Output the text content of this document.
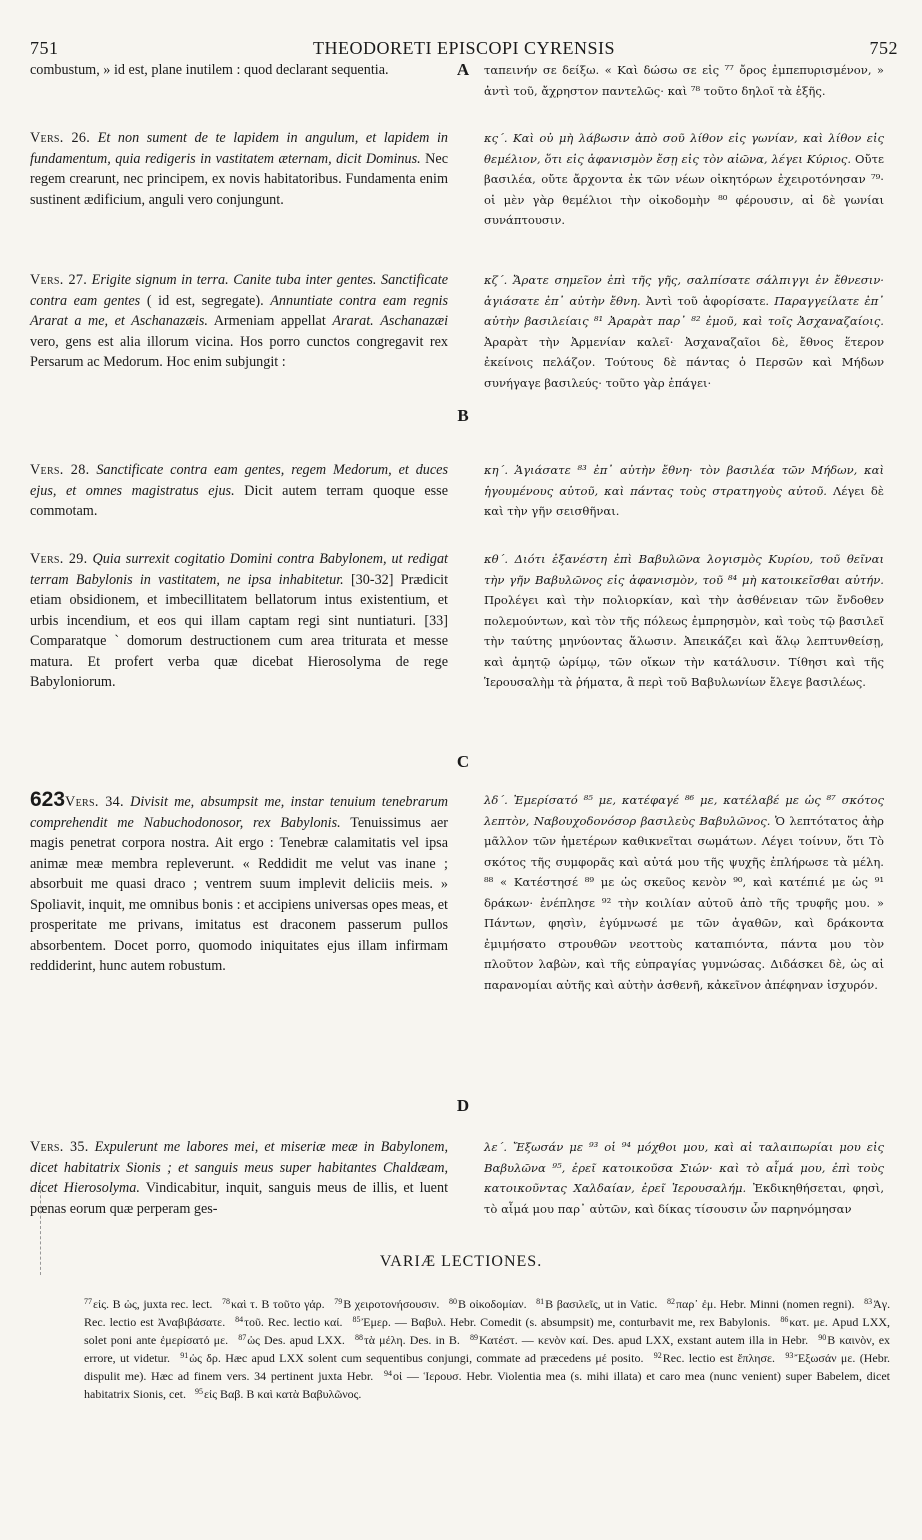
751	THEODORETI EPISCOPI CYRENSIS	752
A
B
C
D

combustum, » id est, plane inutilem : quod declarant sequentia.

Vers. 26. Et non sument de te lapidem in angulum, et lapidem in fundamentum, quia redigeris in vastitatem æternam, dicit Dominus. Nec regem crearunt, nec principem, ex novis habitatoribus. Fundamenta enim sustinent ædificium, anguli vero conjungunt.

Vers. 27. Erigite signum in terra. Canite tuba inter gentes. Sanctificate contra eam gentes ( id est, segregate). Annuntiate contra eam regnis Ararat a me, et Aschanazæis. Armeniam appellat Ararat. Aschanazæi vero, gens est alia illorum vicina. Hos porro cunctos congregavit rex Persarum ac Medorum. Hoc enim subjungit :

Vers. 28. Sanctificate contra eam gentes, regem Medorum, et duces ejus, et omnes magistratus ejus. Dicit autem terram quoque esse commotam.

Vers. 29. Quia surrexit cogitatio Domini contra Babylonem, ut redigat terram Babylonis in vastitatem, ne ipsa inhabitetur. [30-32] Prædicit etiam obsidionem, et imbecillitatem bellatorum intus existentium, et urbis incendium, et eos qui illam captam regi sint nuntiaturi. [33] Comparatque ` domorum destructionem cum area triturata et messe matura. Et profert verba quæ dicebat Hierosolyma de rege Babyloniorum.

623Vers. 34. Divisit me, absumpsit me, instar tenuium tenebrarum comprehendit me Nabuchodonosor, rex Babylonis. Tenuissimus aer magis penetrat corpora nostra. Ait ergo : Tenebræ calamitatis vel ipsa animæ meæ membra repleverunt. « Reddidit me velut vas inane ; absorbuit me quasi draco ; ventrem suum implevit deliciis meis. » Spoliavit, inquit, me omnibus bonis : et accipiens universas opes meas, et prosperitate me privans, imitatus est draconem passerum pullos absorbentem. Docet porro, quomodo iniquitates ejus illam infirmam reddiderint, hunc autem robustum.

Vers. 35. Expulerunt me labores mei, et miseriæ meæ in Babylonem, dicet habitatrix Sionis ; et sanguis meus super habitantes Chaldæam, dicet Hierosolyma. Vindicabitur, inquit, sanguis meus de illis, et luent pœnas eorum quæ perperam ges-

ταπεινήν σε δείξω. « Καὶ δώσω σε εἰς ⁷⁷ ὄρος ἐμπεπυρισμένον, » ἀντὶ τοῦ, ἄχρηστον παντελῶς· καὶ ⁷⁸ τοῦτο δηλοῖ τὰ ἑξῆς.

κς΄. Καὶ οὐ μὴ λάβωσιν ἀπὸ σοῦ λίθον εἰς γωνίαν, καὶ λίθον εἰς θεμέλιον, ὅτι εἰς ἀφανισμὸν ἔσῃ εἰς τὸν αἰῶνα, λέγει Κύριος. Οὔτε βασιλέα, οὔτε ἄρχοντα ἐκ τῶν νέων οἰκητόρων ἐχειροτόνησαν ⁷⁹· οἱ μὲν γὰρ θεμέλιοι τὴν οἰκοδομὴν ⁸⁰ φέρουσιν, αἱ δὲ γωνίαι συνάπτουσιν.

κζ΄. Ἄρατε σημεῖον ἐπὶ τῆς γῆς, σαλπίσατε σάλπιγγι ἐν ἔθνεσιν· ἁγιάσατε ἐπ᾽ αὐτὴν ἔθνη. Ἀντὶ τοῦ ἀφορίσατε. Παραγγείλατε ἐπ᾽ αὐτὴν βασιλείαις ⁸¹ Ἀραρὰτ παρ᾽ ⁸² ἐμοῦ, καὶ τοῖς Ἀσχαναζαίοις. Ἀραρὰτ τὴν Ἀρμενίαν καλεῖ· Ἀσχαναζαῖοι δὲ, ἔθνος ἕτερον ἐκείνοις πελάζον. Τούτους δὲ πάντας ὁ Περσῶν καὶ Μήδων συνήγαγε βασιλεύς· τοῦτο γὰρ ἐπάγει·

κη΄. Ἁγιάσατε ⁸³ ἐπ᾽ αὐτὴν ἔθνη· τὸν βασιλέα τῶν Μήδων, καὶ ἡγουμένους αὐτοῦ, καὶ πάντας τοὺς στρατηγοὺς αὐτοῦ. Λέγει δὲ καὶ τὴν γῆν σεισθῆναι.

κθ΄. Διότι ἐξανέστη ἐπὶ Βαβυλῶνα λογισμὸς Κυρίου, τοῦ θεῖναι τὴν γῆν Βαβυλῶνος εἰς ἀφανισμὸν, τοῦ ⁸⁴ μὴ κατοικεῖσθαι αὐτήν. Προλέγει καὶ τὴν πολιορκίαν, καὶ τὴν ἀσθένειαν τῶν ἔνδοθεν πολεμούντων, καὶ τὸν τῆς πόλεως ἐμπρησμὸν, καὶ τοὺς τῷ βασιλεῖ τὴν ταύτης μηνύοντας ἅλωσιν. Ἀπεικάζει καὶ ἅλῳ λεπτυνθείσῃ, καὶ ἀμητῷ ὡρίμῳ, τῶν οἴκων τὴν κατάλυσιν. Τίθησι καὶ τῆς Ἱερουσαλὴμ τὰ ῥήματα, ἃ περὶ τοῦ Βαβυλωνίων ἔλεγε βασιλέως.

λδ΄. Ἐμερίσατό ⁸⁵ με, κατέφαγέ ⁸⁶ με, κατέλαβέ με ὡς ⁸⁷ σκότος λεπτὸν, Ναβουχοδονόσορ βασιλεὺς Βαβυλῶνος. Ὁ λεπτότατος ἀὴρ μᾶλλον τῶν ἡμετέρων καθικνεῖται σωμάτων. Λέγει τοίνυν, ὅτι Τὸ σκότος τῆς συμφορᾶς καὶ αὐτά μου τῆς ψυχῆς ἐπλήρωσε τὰ μέλη. ⁸⁸ « Κατέστησέ ⁸⁹ με ὡς σκεῦος κενὸν ⁹⁰, καὶ κατέπιέ με ὡς ⁹¹ δράκων· ἐνέπλησε ⁹² τὴν κοιλίαν αὐτοῦ ἀπὸ τῆς τρυφῆς μου. » Πάντων, φησὶν, ἐγύμνωσέ με τῶν ἀγαθῶν, καὶ δράκοντα ἐμιμήσατο στρουθῶν νεοττοὺς καταπιόντα, πάντα μου τὸν πλοῦτον λαβὼν, καὶ τῆς εὐπραγίας γυμνώσας. Διδάσκει δὲ, ὡς αἱ παρανομίαι αὐτῆς καὶ αὐτὴν ἀσθενῆ, κἀκεῖνον ἀπέφηναν ἰσχυρόν.

λε΄. Ἔξωσάν με ⁹³ οἱ ⁹⁴ μόχθοι μου, καὶ αἱ ταλαιπωρίαι μου εἰς Βαβυλῶνα ⁹⁵, ἐρεῖ κατοικοῦσα Σιών· καὶ τὸ αἷμά μου, ἐπὶ τοὺς κατοικοῦντας Χαλδαίαν, ἐρεῖ Ἱερουσαλήμ. Ἐκδικηθήσεται, φησὶ, τὸ αἷμά μου παρ᾽ αὐτῶν, καὶ δίκας τίσουσιν ὧν παρηνόμησαν

VARIÆ LECTIONES.
$^{77}$εἰς. B ὡς, juxta rec. lect. $^{78}$καὶ τ. B τοῦτο γάρ. $^{79}$B χειροτονήσουσιν. $^{80}$B οἰκοδομίαν. $^{81}$B βασιλεῖς, ut in Vatic. $^{82}$παρ᾽ ἐμ. Hebr. Minni (nomen regni). $^{83}$Ἁγ. Rec. lectio est Ἀναβιβάσατε. $^{84}$τοῦ. Rec. lectio καί. $^{85}$Ἐμερ. — Βαβυλ. Hebr. Comedit (s. absumpsit) me, conturbavit me, rex Babylonis. $^{86}$κατ. με. Apud LXX, solet poni ante ἐμερίσατό με. $^{87}$ὡς Des. apud LXX. $^{88}$τὰ μέλη. Des. in B. $^{89}$Κατέστ. — κενὸν καί. Des. apud LXX, exstant autem illa in Hebr. $^{90}$B καινὸν, ex errore, ut videtur. $^{91}$ὡς δρ. Hæc apud LXX solent cum sequentibus conjungi, commate ad præcedens μέ posito. $^{92}$Rec. lectio est ἔπλησε. $^{93}$Ἔξωσάν με. (Hebr. dispulit me). Hæc ad finem vers. 34 pertinent juxta Hebr. $^{94}$οἱ — Ἱερουσ. Hebr. Violentia mea (s. mihi illata) et caro mea (nunc venient) super Babelem, dicet habitatrix Sionis, cet. $^{95}$εἰς Βαβ. B καὶ κατὰ Βαβυλῶνος.
